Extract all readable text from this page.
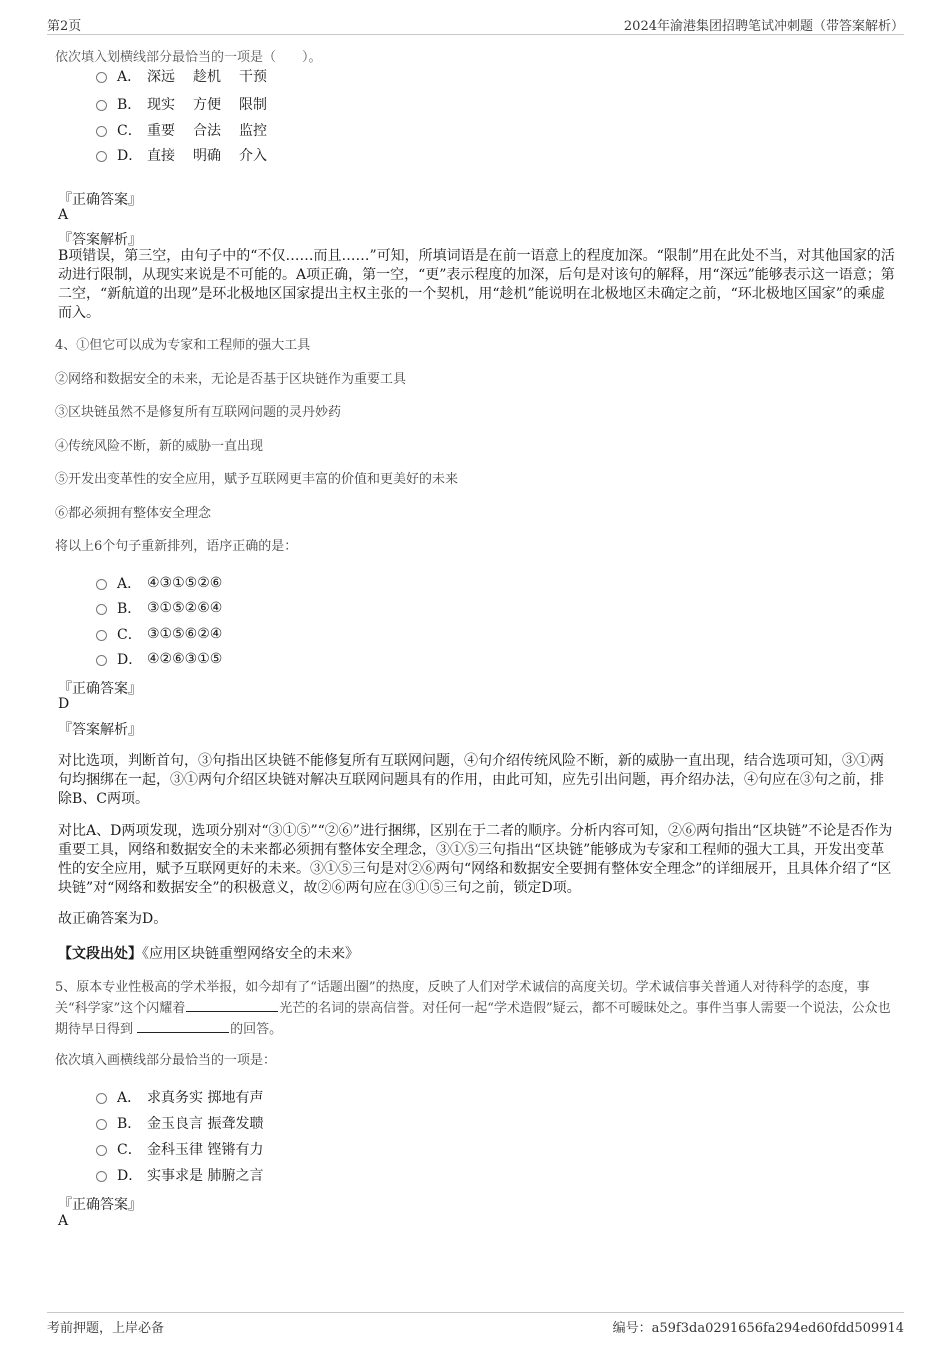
第2页	2024年渝港集团招聘笔试冲刺题（带答案解析）
依次填入划横线部分最恰当的一项是（　　）。
A． 深远	趁机	干预
B． 现实	方便	限制
C． 重要	合法	监控
D． 直接	明确	介入
『正确答案』
A
『答案解析』
B项错误，第三空，由句子中的“不仅……而且……”可知，所填词语是在前一语意上的程度加深。“限制”用在此处不当，对其他国家的活动进行限制，从现实来说是不可能的。A项正确，第一空，“更”表示程度的加深，后句是对该句的解释，用“深远”能够表示这一语意；第二空，“新航道的出现”是环北极地区国家提出主权主张的一个契机，用“趁机”能说明在北极地区未确定之前，“环北极地区国家”的乘虚而入。
4、①但它可以成为专家和工程师的强大工具
②网络和数据安全的未来，无论是否基于区块链作为重要工具
③区块链虽然不是修复所有互联网问题的灵丹妙药
④传统风险不断，新的威胁一直出现
⑤开发出变革性的安全应用，赋予互联网更丰富的价值和更美好的未来
⑥都必须拥有整体安全理念
将以上6个句子重新排列，语序正确的是：
A． ④③①⑤②⑥
B． ③①⑤②⑥④
C． ③①⑤⑥②④
D． ④②⑥③①⑤
『正确答案』
D
『答案解析』
对比选项，判断首句，③句指出区块链不能修复所有互联网问题，④句介绍传统风险不断，新的威胁一直出现，结合选项可知，③①两句均捆绑在一起，③①两句介绍区块链对解决互联网问题具有的作用，由此可知，应先引出问题，再介绍办法，④句应在③句之前，排除B、C两项。
对比A、D两项发现，选项分别对“③①⑤”“②⑥”进行捆绑，区别在于二者的顺序。分析内容可知，②⑥两句指出“区块链”不论是否作为重要工具，网络和数据安全的未来都必须拥有整体安全理念，③①⑤三句指出“区块链”能够成为专家和工程师的强大工具，开发出变革性的安全应用，赋予互联网更好的未来。③①⑤三句是对②⑥两句“网络和数据安全要拥有整体安全理念”的详细展开，且具体介绍了“区块链”对“网络和数据安全”的积极意义，故②⑥两句应在③①⑤三句之前，锁定D项。
故正确答案为D。
【文段出处】《应用区块链重塑网络安全的未来》
5、原本专业性极高的学术举报，如今却有了“话题出圈”的热度，反映了人们对学术诚信的高度关切。学术诚信事关普通人对待科学的态度，事关“科学家”这个闪耀着	光芒的名词的崇高信誉。对任何一起“学术造假”疑云，都不可暧昧处之。事件当事人需要一个说法，公众也期待早日得到	的回答。
依次填入画横线部分最恰当的一项是：
A． 求真务实 掷地有声
B． 金玉良言 振聋发聩
C． 金科玉律 铿锵有力
D． 实事求是 肺腑之言
『正确答案』
A
考前押题，上岸必备	编号：a59f3da0291656fa294ed60fdd509914
